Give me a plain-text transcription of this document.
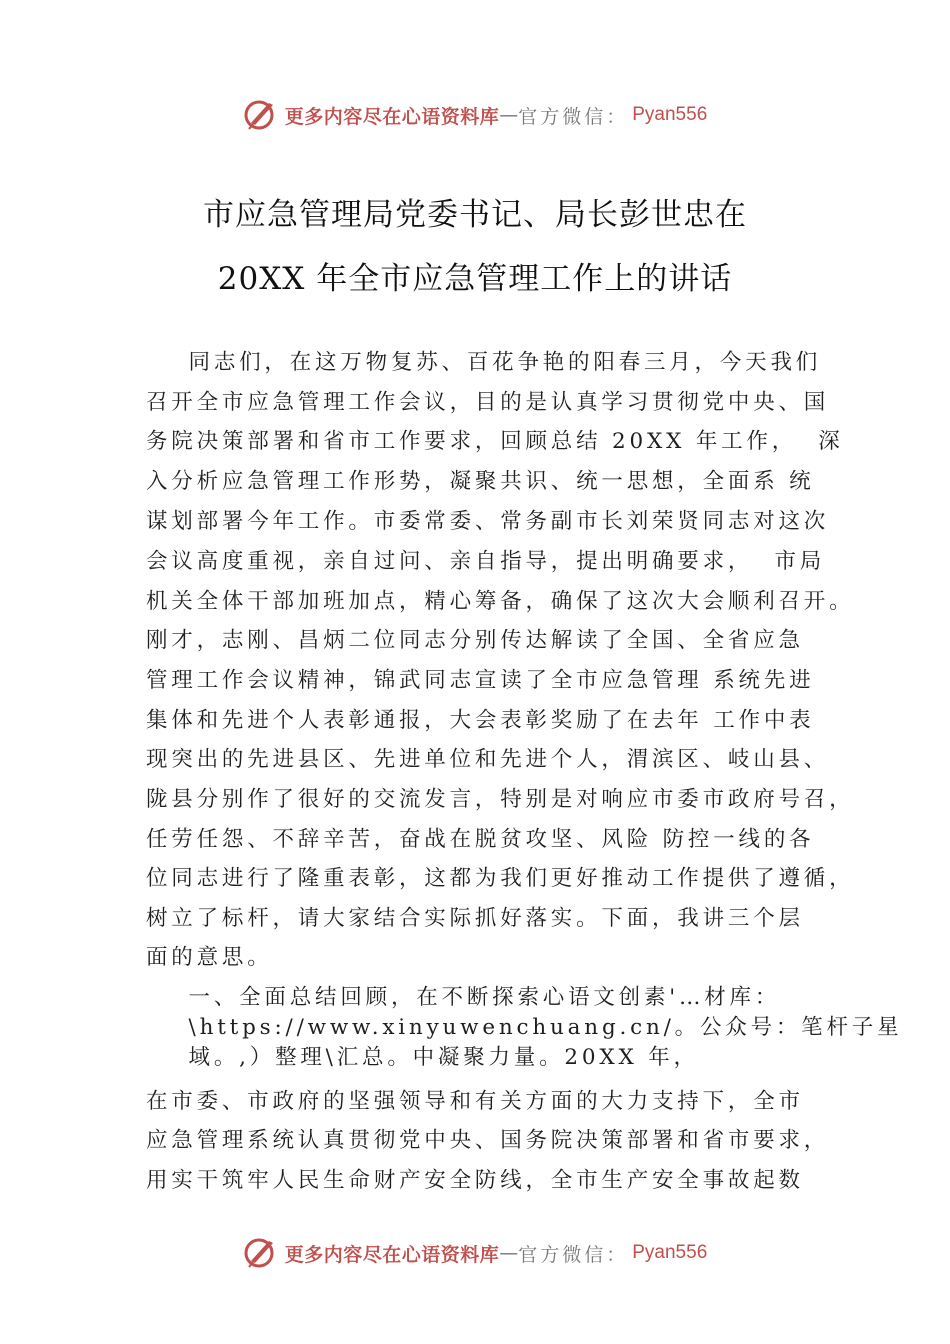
更多内容尽在心语资料库 — 官方微信： Pyan556
市应急管理局党委书记、局长彭世忠在
20XX 年全市应急管理工作上的讲话
同志们，在这万物复苏、百花争艳的阳春三月，今天我们
召开全市应急管理工作会议，目的是认真学习贯彻党中央、国
务院决策部署和省市工作要求，回顾总结 20XX 年工作，  深
入分析应急管理工作形势，凝聚共识、统一思想，全面系 统
谋划部署今年工作。市委常委、常务副市长刘荣贤同志对这次
会议高度重视，亲自过问、亲自指导，提出明确要求，  市局
机关全体干部加班加点，精心筹备，确保了这次大会顺利召开。
刚才，志刚、昌炳二位同志分别传达解读了全国、全省应急
管理工作会议精神，锦武同志宣读了全市应急管理 系统先进
集体和先进个人表彰通报，大会表彰奖励了在去年 工作中表
现突出的先进县区、先进单位和先进个人，渭滨区、岐山县、
陇县分别作了很好的交流发言，特别是对响应市委市政府号召，
任劳任怨、不辞辛苦，奋战在脱贫攻坚、风险 防控一线的各
位同志进行了隆重表彰，这都为我们更好推动工作提供了遵循，
树立了标杆，请大家结合实际抓好落实。下面，我讲三个层
面的意思。
一、全面总结回顾，在不断探索心语文创素'…材库：
\https://www.xinyuwenchuang.cn/。公众号：笔杆子星
域。,）整理\汇总。中凝聚力量。20XX 年，
在市委、市政府的坚强领导和有关方面的大力支持下，全市
应急管理系统认真贯彻党中央、国务院决策部署和省市要求，
用实干筑牢人民生命财产安全防线，全市生产安全事故起数
更多内容尽在心语资料库 — 官方微信： Pyan556
